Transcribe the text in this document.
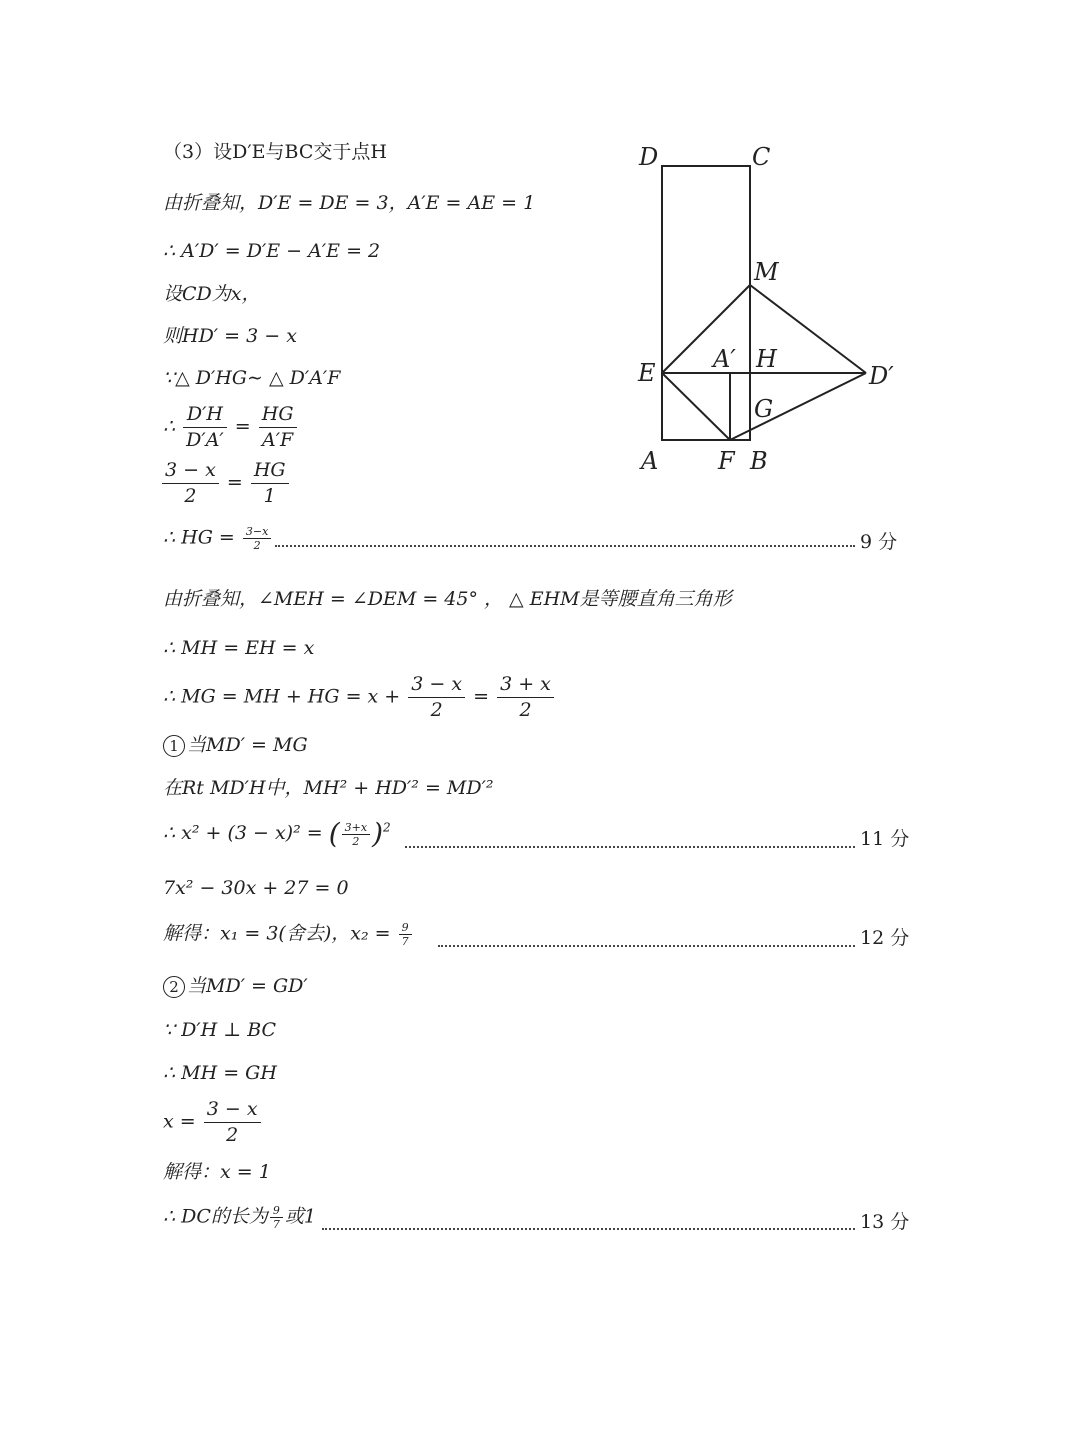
（3）设D′E与BC交于点H
由折叠知，D′E = DE = 3，A′E = AE = 1
∴ A′D′ = D′E − A′E = 2
设CD为x，
则HD′ = 3 − x
∵△ D′HG∼ △ D′A′F
∴ $\frac{D'H}{D'A'} = \frac{HG}{A'F}$
$\frac{3 - x}{2} = \frac{HG}{1}$
∴ HG = $\frac{3-x}{2}$	9 分
由折叠知，∠MEH = ∠DEM = 45° ， △ EHM是等腰直角三角形
∴ MH = EH = x
∴ MG = MH + HG = $x + \frac{3 - x}{2} = \frac{3 + x}{2}$
1 当MD′ = MG
在Rt MD′H中，MH² + HD′² = MD′²
∴ x² + (3 − x)² = ( $\frac{3+x}{2} )^2$
11 分
7x² − 30x + 27 = 0
解得：x₁ = 3(舍去)，$x_2 = \frac{9}{7}$	12 分
2 当MD′ = GD′
∵ D′H ⊥ BC
∴ MH = GH
$x = \frac{3 - x}{2}$
解得：x = 1
∴ DC的长为 $\frac{9}{7}$ 或1	13 分
D	C
M
E A′ H
D′
G
A F B
